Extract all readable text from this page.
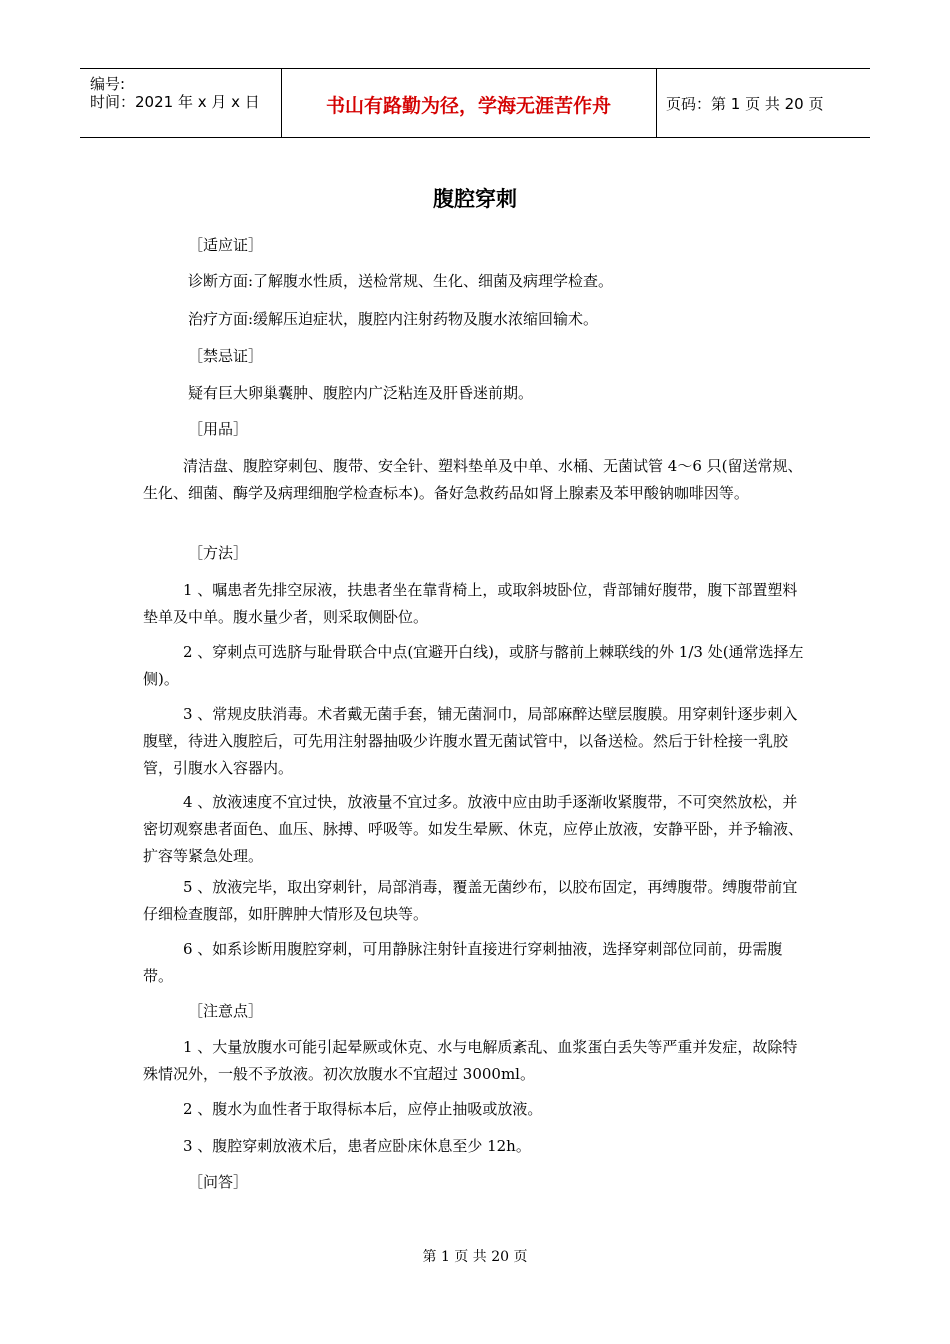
编号:
时间：2021 年 x 月 x 日	书山有路勤为径，学海无涯苦作舟	页码：第 1 页 共 20 页
腹腔穿刺
［适应证］
诊断方面:了解腹水性质，送检常规、生化、细菌及病理学检查。
治疗方面:缓解压迫症状，腹腔内注射药物及腹水浓缩回输术。
［禁忌证］
疑有巨大卵巢囊肿、腹腔内广泛粘连及肝昏迷前期。
［用品］
清洁盘、腹腔穿刺包、腹带、安全针、塑料垫单及中单、水桶、无菌试管 4～6 只(留送常规、生化、细菌、酶学及病理细胞学检查标本)。备好急救药品如肾上腺素及苯甲酸钠咖啡因等。
［方法］
1 、嘱患者先排空尿液，扶患者坐在靠背椅上，或取斜坡卧位，背部铺好腹带，腹下部置塑料垫单及中单。腹水量少者，则采取侧卧位。
2 、穿刺点可选脐与耻骨联合中点(宜避开白线)，或脐与髂前上棘联线的外 1/3 处(通常选择左侧)。
3 、常规皮肤消毒。术者戴无菌手套，铺无菌洞巾，局部麻醉达壁层腹膜。用穿刺针逐步刺入腹壁，待进入腹腔后，可先用注射器抽吸少许腹水置无菌试管中，以备送检。然后于针栓接一乳胶管，引腹水入容器内。
4 、放液速度不宜过快，放液量不宜过多。放液中应由助手逐渐收紧腹带，不可突然放松，并密切观察患者面色、血压、脉搏、呼吸等。如发生晕厥、休克，应停止放液，安静平卧，并予输液、扩容等紧急处理。
5 、放液完毕，取出穿刺针，局部消毒，覆盖无菌纱布，以胶布固定，再缚腹带。缚腹带前宜仔细检查腹部，如肝脾肿大情形及包块等。
6 、如系诊断用腹腔穿刺，可用静脉注射针直接进行穿刺抽液，选择穿刺部位同前，毋需腹带。
［注意点］
1 、大量放腹水可能引起晕厥或休克、水与电解质紊乱、血浆蛋白丢失等严重并发症，故除特殊情况外，一般不予放液。初次放腹水不宜超过 3000ml。
2 、腹水为血性者于取得标本后，应停止抽吸或放液。
3 、腹腔穿刺放液术后，患者应卧床休息至少 12h。
［问答］
第 1 页 共 20 页
